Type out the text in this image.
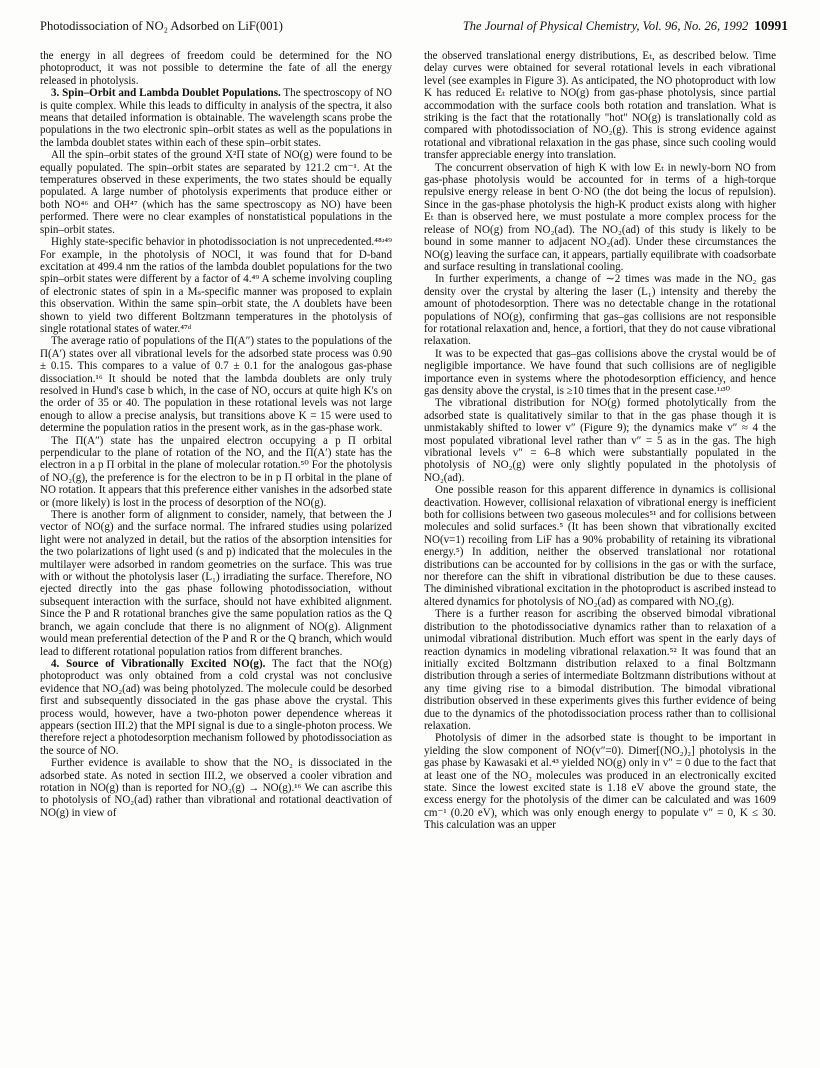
Photodissociation of NO₂ Adsorbed on LiF(001)	The Journal of Physical Chemistry, Vol. 96, No. 26, 1992 10991

the energy in all degrees of freedom could be determined for the NO photoproduct, it was not possible to determine the fate of all the energy released in photolysis.

3. Spin–Orbit and Lambda Doublet Populations. The spectroscopy of NO is quite complex. While this leads to difficulty in analysis of the spectra, it also means that detailed information is obtainable. The wavelength scans probe the populations in the two electronic spin–orbit states as well as the populations in the lambda doublet states within each of these spin–orbit states.

All the spin–orbit states of the ground X²Π state of NO(g) were found to be equally populated. The spin–orbit states are separated by 121.2 cm⁻¹. At the temperatures observed in these experiments, the two states should be equally populated. A large number of photolysis experiments that produce either or both NO⁴⁶ and OH⁴⁷ (which has the same spectroscopy as NO) have been performed. There were no clear examples of nonstatistical populations in the spin–orbit states.

Highly state-specific behavior in photodissociation is not unprecedented.⁴⁸ʴ⁴⁹ For example, in the photolysis of NOCl, it was found that for D-band excitation at 499.4 nm the ratios of the lambda doublet populations for the two spin–orbit states were different by a factor of 4.⁴⁹ A scheme involving coupling of electronic states of spin in a Mₛ-specific manner was proposed to explain this observation. Within the same spin–orbit state, the Λ doublets have been shown to yield two different Boltzmann temperatures in the photolysis of single rotational states of water.⁴⁷ᵈ

The average ratio of populations of the Π(A″) states to the populations of the Π(A′) states over all vibrational levels for the adsorbed state process was 0.90 ± 0.15. This compares to a value of 0.7 ± 0.1 for the analogous gas-phase dissociation.¹⁶ It should be noted that the lambda doublets are only truly resolved in Hund's case b which, in the case of NO, occurs at quite high K's on the order of 35 or 40. The population in these rotational levels was not large enough to allow a precise analysis, but transitions above K = 15 were used to determine the population ratios in the present work, as in the gas-phase work.

The Π(A″) state has the unpaired electron occupying a p Π orbital perpendicular to the plane of rotation of the NO, and the Π(A′) state has the electron in a p Π orbital in the plane of molecular rotation.⁵⁰ For the photolysis of NO₂(g), the preference is for the electron to be in p Π orbital in the plane of NO rotation. It appears that this preference either vanishes in the adsorbed state or (more likely) is lost in the process of desorption of the NO(g).

There is another form of alignment to consider, namely, that between the J vector of NO(g) and the surface normal. The infrared studies using polarized light were not analyzed in detail, but the ratios of the absorption intensities for the two polarizations of light used (s and p) indicated that the molecules in the multilayer were adsorbed in random geometries on the surface. This was true with or without the photolysis laser (L₁) irradiating the surface. Therefore, NO ejected directly into the gas phase following photodissociation, without subsequent interaction with the surface, should not have exhibited alignment. Since the P and R rotational branches give the same population ratios as the Q branch, we again conclude that there is no alignment of NO(g). Alignment would mean preferential detection of the P and R or the Q branch, which would lead to different rotational population ratios from different branches.

4. Source of Vibrationally Excited NO(g). The fact that the NO(g) photoproduct was only obtained from a cold crystal was not conclusive evidence that NO₂(ad) was being photolyzed. The molecule could be desorbed first and subsequently dissociated in the gas phase above the crystal. This process would, however, have a two-photon power dependence whereas it appears (section III.2) that the MPI signal is due to a single-photon process. We therefore reject a photodesorption mechanism followed by photodissociation as the source of NO.

Further evidence is available to show that the NO₂ is dissociated in the adsorbed state. As noted in section III.2, we observed a cooler vibration and rotation in NO(g) than is reported for NO₂(g) → NO(g).¹⁶ We can ascribe this to photolysis of NO₂(ad) rather than vibrational and rotational deactivation of NO(g) in view of

the observed translational energy distributions, Eₜ, as described below. Time delay curves were obtained for several rotational levels in each vibrational level (see examples in Figure 3). As anticipated, the NO photoproduct with low K has reduced Eₜ relative to NO(g) from gas-phase photolysis, since partial accommodation with the surface cools both rotation and translation. What is striking is the fact that the rotationally "hot" NO(g) is translationally cold as compared with photodissociation of NO₂(g). This is strong evidence against rotational and vibrational relaxation in the gas phase, since such cooling would transfer appreciable energy into translation.

The concurrent observation of high K with low Eₜ in newly-born NO from gas-phase photolysis would be accounted for in terms of a high-torque repulsive energy release in bent O·NO (the dot being the locus of repulsion). Since in the gas-phase photolysis the high-K product exists along with higher Eₜ than is observed here, we must postulate a more complex process for the release of NO(g) from NO₂(ad). The NO₂(ad) of this study is likely to be bound in some manner to adjacent NO₂(ad). Under these circumstances the NO(g) leaving the surface can, it appears, partially equilibrate with coadsorbate and surface resulting in translational cooling.

In further experiments, a change of ∼2 times was made in the NO₂ gas density over the crystal by altering the laser (L₁) intensity and thereby the amount of photodesorption. There was no detectable change in the rotational populations of NO(g), confirming that gas–gas collisions are not responsible for rotational relaxation and, hence, a fortiori, that they do not cause vibrational relaxation.

It was to be expected that gas–gas collisions above the crystal would be of negligible importance. We have found that such collisions are of negligible importance even in systems where the photodesorption efficiency, and hence gas density above the crystal, is ≥10 times that in the present case.¹ʴ³⁰

The vibrational distribution for NO(g) formed photolytically from the adsorbed state is qualitatively similar to that in the gas phase though it is unmistakably shifted to lower v″ (Figure 9); the dynamics make v″ ≈ 4 the most populated vibrational level rather than v″ = 5 as in the gas. The high vibrational levels v″ = 6–8 which were substantially populated in the photolysis of NO₂(g) were only slightly populated in the photolysis of NO₂(ad).

One possible reason for this apparent difference in dynamics is collisional deactivation. However, collisional relaxation of vibrational energy is inefficient both for collisions between two gaseous molecules⁵¹ and for collisions between molecules and solid surfaces.⁵ (It has been shown that vibrationally excited NO(v=1) recoiling from LiF has a 90% probability of retaining its vibrational energy.⁵) In addition, neither the observed translational nor rotational distributions can be accounted for by collisions in the gas or with the surface, nor therefore can the shift in vibrational distribution be due to these causes. The diminished vibrational excitation in the photoproduct is ascribed instead to altered dynamics for photolysis of NO₂(ad) as compared with NO₂(g).

There is a further reason for ascribing the observed bimodal vibrational distribution to the photodissociative dynamics rather than to relaxation of a unimodal vibrational distribution. Much effort was spent in the early days of reaction dynamics in modeling vibrational relaxation.⁵² It was found that an initially excited Boltzmann distribution relaxed to a final Boltzmann distribution through a series of intermediate Boltzmann distributions without at any time giving rise to a bimodal distribution. The bimodal vibrational distribution observed in these experiments gives this further evidence of being due to the dynamics of the photodissociation process rather than to collisional relaxation.

Photolysis of dimer in the adsorbed state is thought to be important in yielding the slow component of NO(v″=0). Dimer[(NO₂)₂] photolysis in the gas phase by Kawasaki et al.⁴³ yielded NO(g) only in v″ = 0 due to the fact that at least one of the NO₂ molecules was produced in an electronically excited state. Since the lowest excited state is 1.18 eV above the ground state, the excess energy for the photolysis of the dimer can be calculated and was 1609 cm⁻¹ (0.20 eV), which was only enough energy to populate v″ = 0, K ≤ 30. This calculation was an upper
